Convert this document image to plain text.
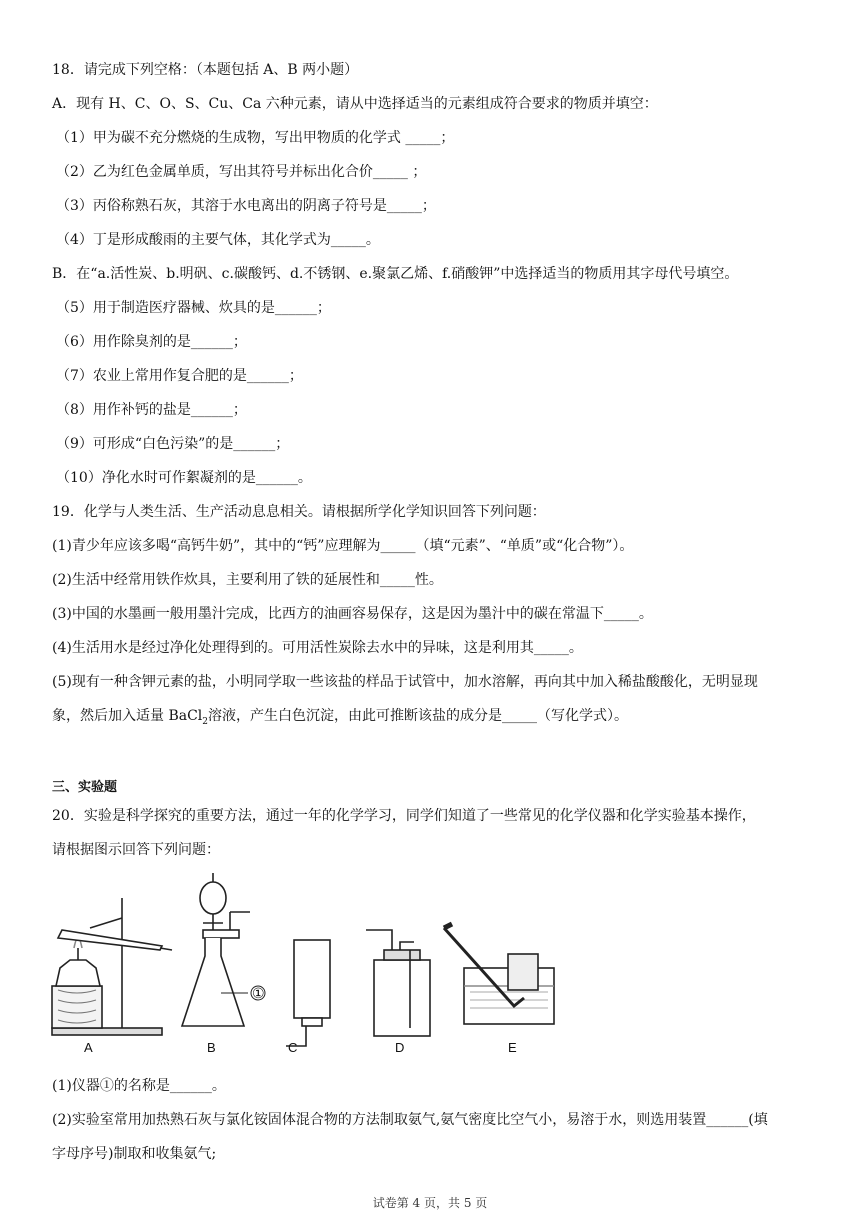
18．请完成下列空格：（本题包括 A、B 两小题）
A．现有 H、C、O、S、Cu、Ca 六种元素，请从中选择适当的元素组成符合要求的物质并填空：
（1）甲为碳不充分燃烧的生成物，写出甲物质的化学式 _____；
（2）乙为红色金属单质，写出其符号并标出化合价_____ ；
（3）丙俗称熟石灰，其溶于水电离出的阴离子符号是_____；
（4）丁是形成酸雨的主要气体，其化学式为_____。
B．在“a.活性炭、b.明矾、c.碳酸钙、d.不锈钢、e.聚氯乙烯、f.硝酸钾”中选择适当的物质用其字母代号填空。
（5）用于制造医疗器械、炊具的是______；
（6）用作除臭剂的是______；
（7）农业上常用作复合肥的是______；
（8）用作补钙的盐是______；
（9）可形成“白色污染”的是______；
（10）净化水时可作絮凝剂的是______。
19．化学与人类生活、生产活动息息相关。请根据所学化学知识回答下列问题：
(1)青少年应该多喝“高钙牛奶”，其中的“钙”应理解为_____（填“元素”、“单质”或“化合物”）。
(2)生活中经常用铁作炊具，主要利用了铁的延展性和_____性。
(3)中国的水墨画一般用墨汁完成，比西方的油画容易保存，这是因为墨汁中的碳在常温下_____。
(4)生活用水是经过净化处理得到的。可用活性炭除去水中的异味，这是利用其_____。
(5)现有一种含钾元素的盐，小明同学取一些该盐的样品于试管中，加水溶解，再向其中加入稀盐酸酸化，无明显现
象，然后加入适量 BaCl$_2$溶液，产生白色沉淀，由此可推断该盐的成分是_____（写化学式）。
三、实验题
20．实验是科学探究的重要方法，通过一年的化学学习，同学们知道了一些常见的化学仪器和化学实验基本操作，
请根据图示回答下列问题：
A	B	C	D	E
①
(1)仪器①的名称是______。
(2)实验室常用加热熟石灰与氯化铵固体混合物的方法制取氨气,氨气密度比空气小，易溶于水，则选用装置______(填
字母序号)制取和收集氨气;
试卷第 4 页，共 5 页
